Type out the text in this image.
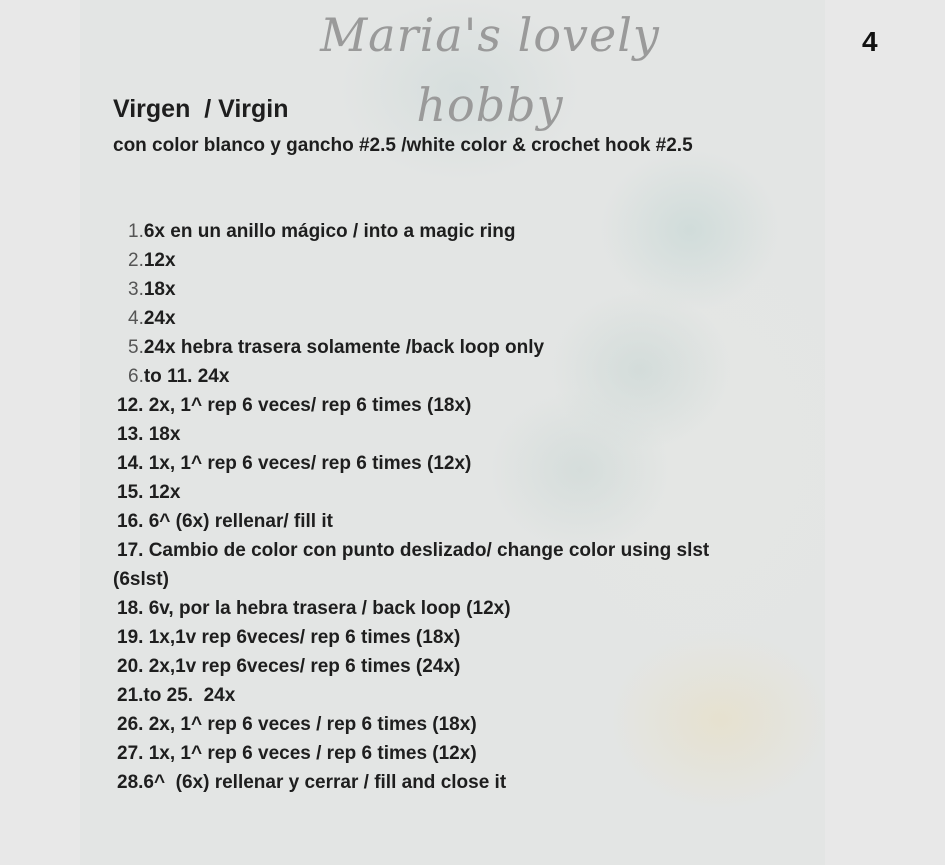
Maria's lovely hobby
4
Virgen  / Virgin
con color blanco y gancho #2.5 /white color & crochet hook #2.5
1.6x en un anillo mágico / into a magic ring
2.12x
3.18x
4.24x
5.24x hebra trasera solamente /back loop only
6.to 11. 24x
12. 2x, 1^ rep 6 veces/ rep 6 times (18x)
13. 18x
14. 1x, 1^ rep 6 veces/ rep 6 times (12x)
15. 12x
16. 6^ (6x) rellenar/ fill it
17. Cambio de color con punto deslizado/ change color using slst (6slst)
18. 6v, por la hebra trasera / back loop (12x)
19. 1x,1v rep 6veces/ rep 6 times (18x)
20. 2x,1v rep 6veces/ rep 6 times (24x)
21.to 25.  24x
26. 2x, 1^ rep 6 veces / rep 6 times (18x)
27. 1x, 1^ rep 6 veces / rep 6 times (12x)
28.6^  (6x) rellenar y cerrar / fill and close it
